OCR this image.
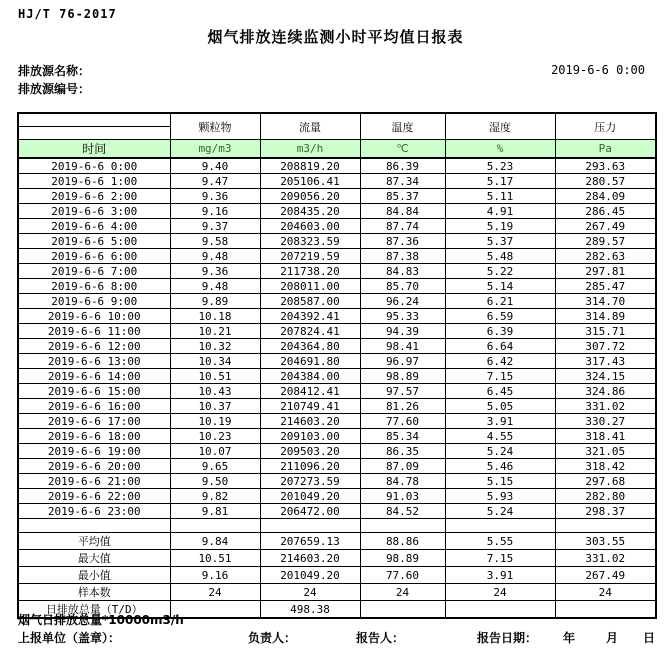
HJ/T 76-2017
烟气排放连续监测小时平均值日报表
排放源名称：
排放源编号：
2019-6-6 0:00
	颗粒物	流量	温度	湿度	压力

时间	mg/m3	m3/h	℃	%	Pa
2019-6-6 0:00	9.40	208819.20	86.39	5.23	293.63
2019-6-6 1:00	9.47	205106.41	87.34	5.17	280.57
2019-6-6 2:00	9.36	209056.20	85.37	5.11	284.09
2019-6-6 3:00	9.16	208435.20	84.84	4.91	286.45
2019-6-6 4:00	9.37	204603.00	87.74	5.19	267.49
2019-6-6 5:00	9.58	208323.59	87.36	5.37	289.57
2019-6-6 6:00	9.48	207219.59	87.38	5.48	282.63
2019-6-6 7:00	9.36	211738.20	84.83	5.22	297.81
2019-6-6 8:00	9.48	208011.00	85.70	5.14	285.47
2019-6-6 9:00	9.89	208587.00	96.24	6.21	314.70
2019-6-6 10:00	10.18	204392.41	95.33	6.59	314.89
2019-6-6 11:00	10.21	207824.41	94.39	6.39	315.71
2019-6-6 12:00	10.32	204364.80	98.41	6.64	307.72
2019-6-6 13:00	10.34	204691.80	96.97	6.42	317.43
2019-6-6 14:00	10.51	204384.00	98.89	7.15	324.15
2019-6-6 15:00	10.43	208412.41	97.57	6.45	324.86
2019-6-6 16:00	10.37	210749.41	81.26	5.05	331.02
2019-6-6 17:00	10.19	214603.20	77.60	3.91	330.27
2019-6-6 18:00	10.23	209103.00	85.34	4.55	318.41
2019-6-6 19:00	10.07	209503.20	86.35	5.24	321.05
2019-6-6 20:00	9.65	211096.20	87.09	5.46	318.42
2019-6-6 21:00	9.50	207273.59	84.78	5.15	297.68
2019-6-6 22:00	9.82	201049.20	91.03	5.93	282.80
2019-6-6 23:00	9.81	206472.00	84.52	5.24	298.37

平均值	9.84	207659.13	88.86	5.55	303.55
最大值	10.51	214603.20	98.89	7.15	331.02
最小值	9.16	201049.20	77.60	3.91	267.49
样本数	24	24	24	24	24
日排放总量（T/D）		498.38			
烟气日排放总量*10000m3/h
上报单位（盖章）：	负责人：	报告人：	报告日期： 年	月 日
